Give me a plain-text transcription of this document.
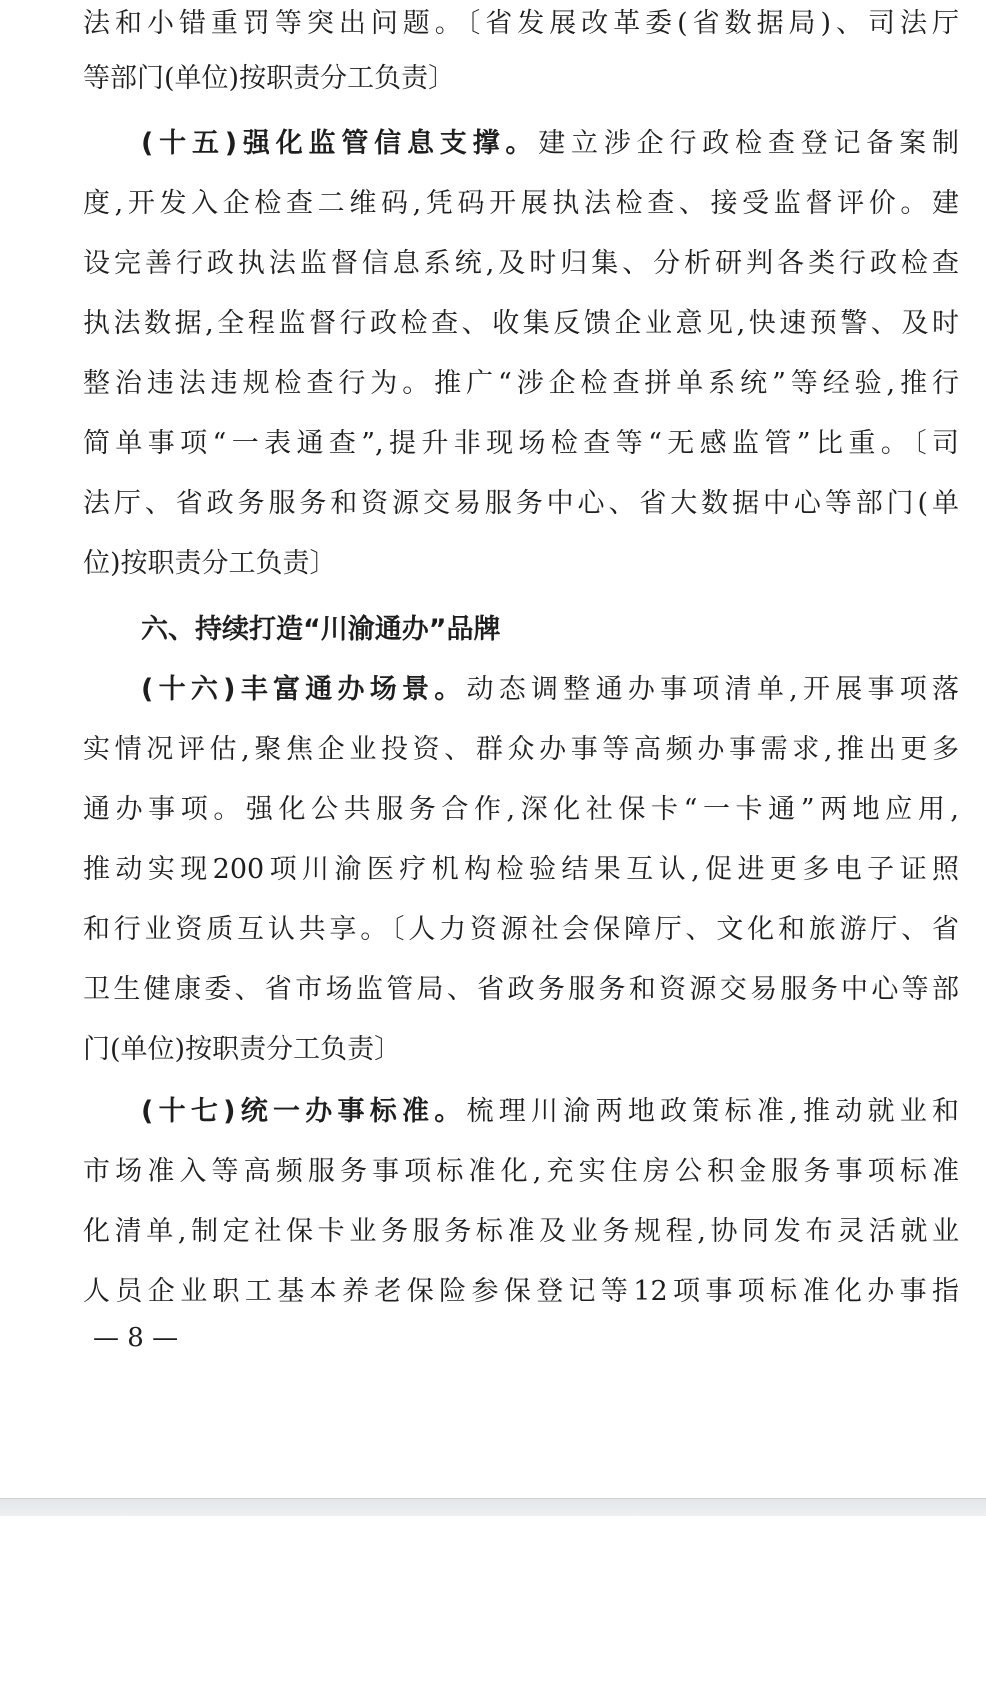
法和小错重罚等突出问题。〔省发展改革委(省数据局)、司法厅
等部门(单位)按职责分工负责〕
(十五)强化监管信息支撑。建立涉企行政检查登记备案制
度,开发入企检查二维码,凭码开展执法检查、接受监督评价。建
设完善行政执法监督信息系统,及时归集、分析研判各类行政检查
执法数据,全程监督行政检查、收集反馈企业意见,快速预警、及时
整治违法违规检查行为。推广“涉企检查拼单系统”等经验,推行
简单事项“一表通查”,提升非现场检查等“无感监管”比重。〔司
法厅、省政务服务和资源交易服务中心、省大数据中心等部门(单
位)按职责分工负责〕
六、持续打造“川渝通办”品牌
(十六)丰富通办场景。动态调整通办事项清单,开展事项落
实情况评估,聚焦企业投资、群众办事等高频办事需求,推出更多
通办事项。强化公共服务合作,深化社保卡“一卡通”两地应用,
推动实现200项川渝医疗机构检验结果互认,促进更多电子证照
和行业资质互认共享。〔人力资源社会保障厅、文化和旅游厅、省
卫生健康委、省市场监管局、省政务服务和资源交易服务中心等部
门(单位)按职责分工负责〕
(十七)统一办事标准。梳理川渝两地政策标准,推动就业和
市场准入等高频服务事项标准化,充实住房公积金服务事项标准
化清单,制定社保卡业务服务标准及业务规程,协同发布灵活就业
人员企业职工基本养老保险参保登记等12项事项标准化办事指
— 8 —
